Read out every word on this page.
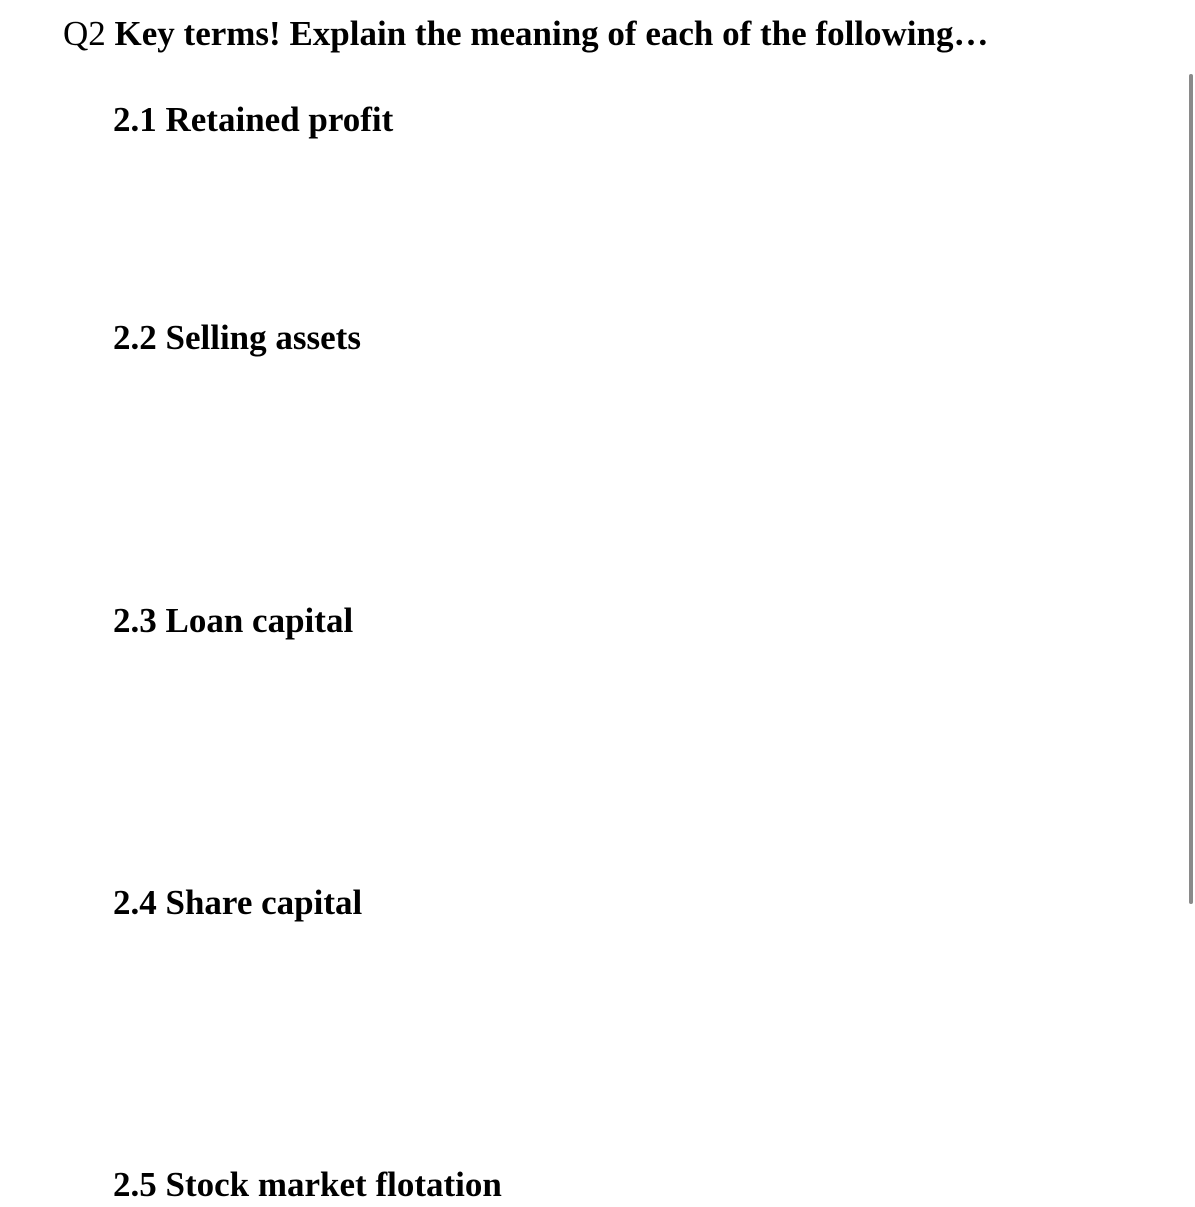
Q2 Key terms! Explain the meaning of each of the following…
2.1 Retained profit
2.2 Selling assets
2.3 Loan capital
2.4 Share capital
2.5 Stock market flotation
